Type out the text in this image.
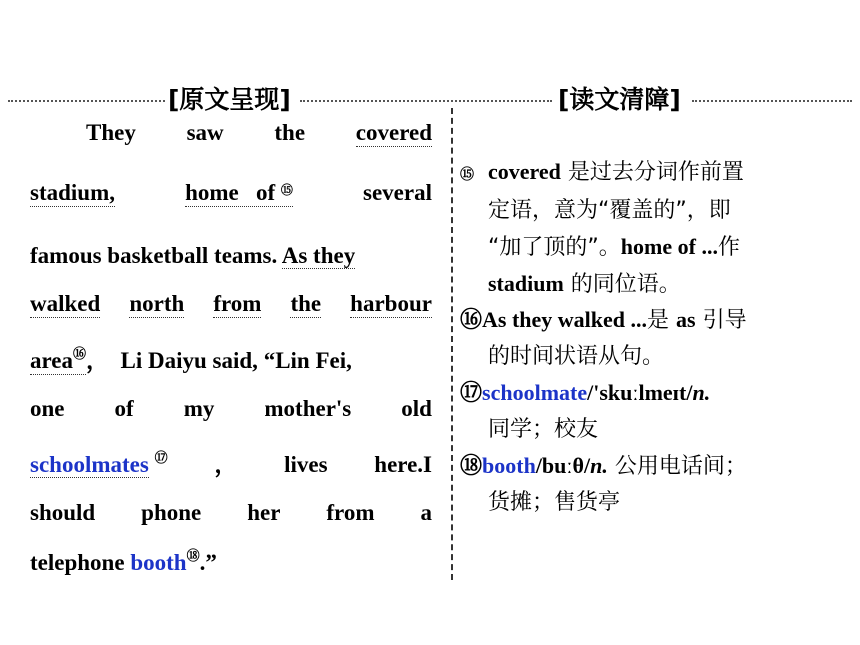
[原文呈现]	[读文清障]
They saw the covered
stadium,	home of ⑮	several
famous basketball teams. As they
walked north from the harbour
area⑯ ，
Li Daiyu said,
“Lin Fei,
one of my mother's old
schoolmates ⑰ ， lives here.I
should phone her from a
telephone
booth ⑱ .”
⑮ covered 是过去分词作前置
定语，意为“覆盖的”，即
“加了顶的”。home of ...作
stadium 的同位语。
⑯As they walked ...是 as 引导
的时间状语从句。
⑰schoolmate/'skuːlmeɪt/n.
同学；校友
⑱booth/buːθ/n. 公用电话间；
货摊；售货亭
